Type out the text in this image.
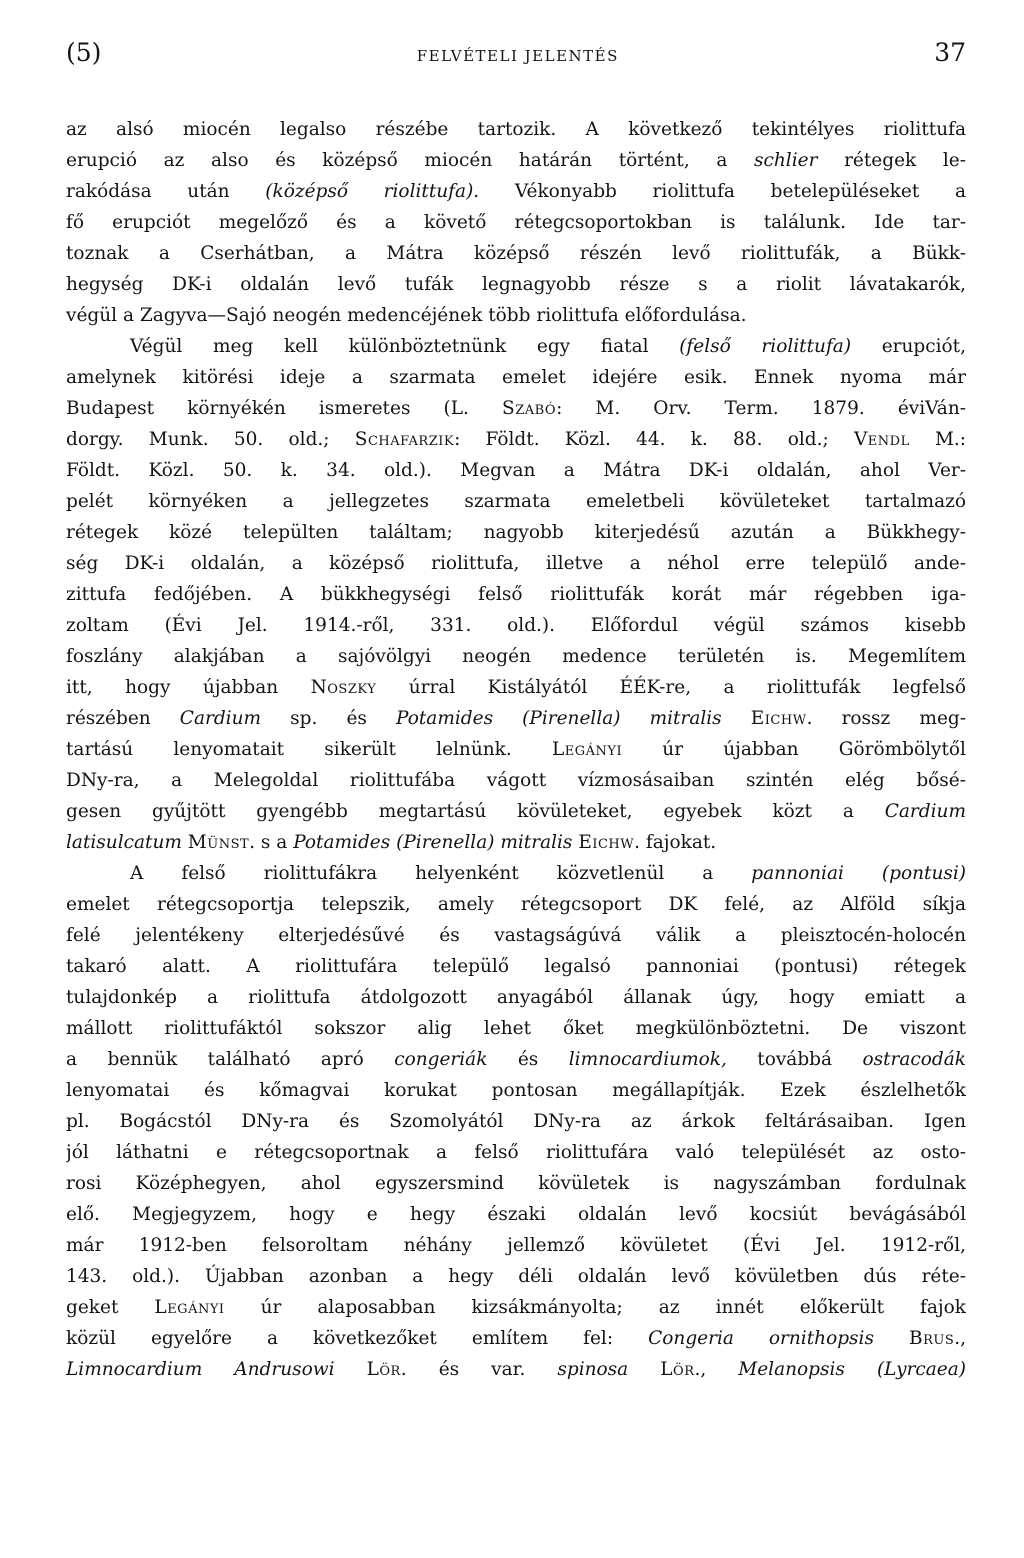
(5)	FELVÉTELI JELENTÉS	37
az alsó miocén legalso részébe tartozik. A következő tekintélyes riolittufa
erupció az also és középső miocén határán történt, a schlier rétegek le-
rakódása után (középső riolittufa). Vékonyabb riolittufa betelepüléseket a
fő erupciót megelőző és a követő rétegcsoportokban is találunk. Ide tar-
toznak a Cserhátban, a Mátra középső részén levő riolittufák, a Bükk-
hegység DK-i oldalán levő tufák legnagyobb része s a riolit lávatakarók,
végül a Zagyva—Sajó neogén medencéjének több riolittufa előfordulása.
Végül meg kell különböztetnünk egy fiatal (felső riolittufa) erupciót,
amelynek kitörési ideje a szarmata emelet idejére esik. Ennek nyoma már
Budapest környékén ismeretes (L. Szabó: M. Orv. Term. 1879. éviVán-
dorgy. Munk. 50. old.; Schafarzik: Földt. Közl. 44. k. 88. old.; Vendl M.:
Földt. Közl. 50. k. 34. old.). Megvan a Mátra DK-i oldalán, ahol Ver-
pelét környéken a jellegzetes szarmata emeletbeli kövületeket tartalmazó
rétegek közé települten találtam; nagyobb kiterjedésű azután a Bükkhegy-
ség DK-i oldalán, a középső riolittufa, illetve a néhol erre települő ande-
zittufa fedőjében. A bükkhegységi felső riolittufák korát már régebben iga-
zoltam (Évi Jel. 1914.-ről, 331. old.). Előfordul végül számos kisebb
foszlány alakjában a sajóvölgyi neogén medence területén is. Megemlítem
itt, hogy újabban Noszky úrral Kistályától ÉÉK-re, a riolittufák legfelső
részében Cardium sp. és Potamides (Pirenella) mitralis Eichw. rossz meg-
tartású lenyomatait sikerült lelnünk. Legányi úr újabban Görömbölytől
DNy-ra, a Melegoldal riolittufába vágott vízmosásaiban szintén elég bősé-
gesen gyűjtött gyengébb megtartású kövületeket, egyebek közt a Cardium
latisulcatum Münst. s a Potamides (Pirenella) mitralis Eichw. fajokat.
A felső riolittufákra helyenként közvetlenül a pannoniai (pontusi)
emelet rétegcsoportja telepszik, amely rétegcsoport DK felé, az Alföld síkja
felé jelentékeny elterjedésűvé és vastagságúvá válik a pleisztocén-holocén
takaró alatt. A riolittufára települő legalsó pannoniai (pontusi) rétegek
tulajdonkép a riolittufa átdolgozott anyagából állanak úgy, hogy emiatt a
mállott riolittufáktól sokszor alig lehet őket megkülönböztetni. De viszont
a bennük található apró congeriák és limnocardiumok, továbbá ostracodák
lenyomatai és kőmagvai korukat pontosan megállapítják. Ezek észlelhetők
pl. Bogácstól DNy-ra és Szomolyától DNy-ra az árkok feltárásaiban. Igen
jól láthatni e rétegcsoportnak a felső riolittufára való települését az osto-
rosi Középhegyen, ahol egyszersmind kövületek is nagyszámban fordulnak
elő. Megjegyzem, hogy e hegy északi oldalán levő kocsiút bevágásából
már 1912-ben felsoroltam néhány jellemző kövületet (Évi Jel. 1912-ről,
143. old.). Újabban azonban a hegy déli oldalán levő kövületben dús réte-
geket Legányi úr alaposabban kizsákmányolta; az innét előkerült fajok
közül egyelőre a következőket említem fel: Congeria ornithopsis Brus.,
Limnocardium Andrusowi Lör. és var. spinosa Lör., Melanopsis (Lyrcaea)
